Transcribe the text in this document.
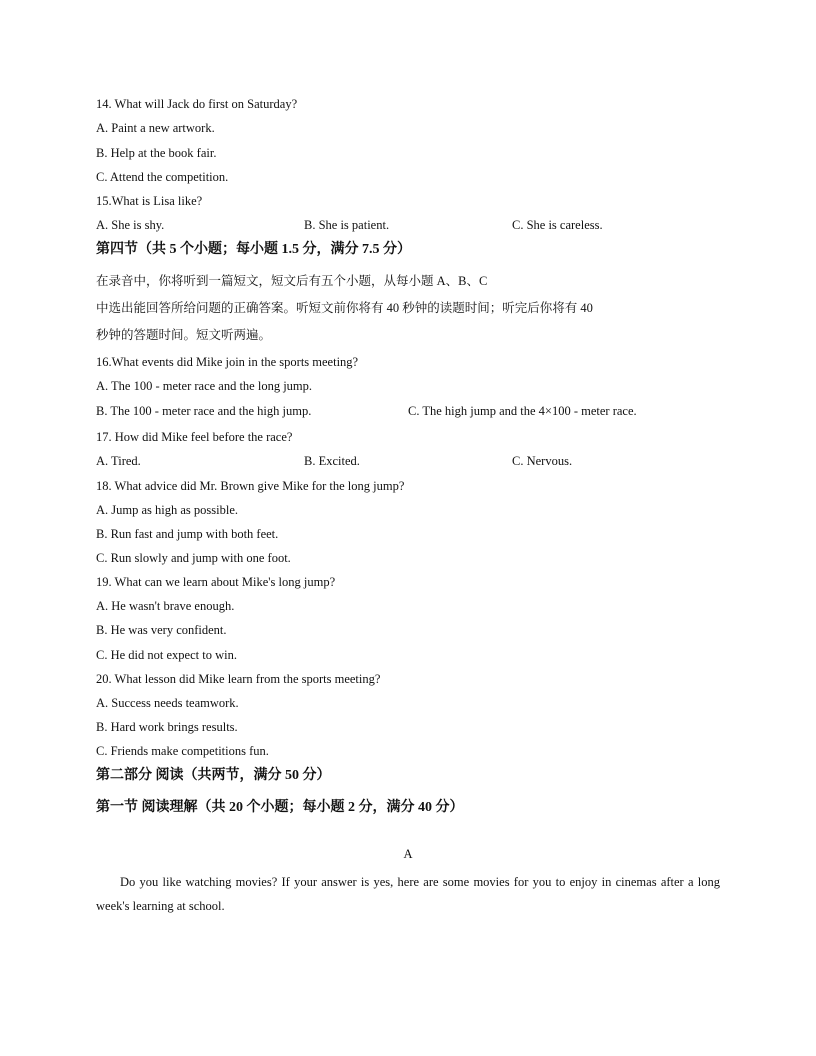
14. What will Jack do first on Saturday?
A. Paint a new artwork.
B. Help at the book fair.
C. Attend the competition.
15.What is Lisa like?
A. She is shy.	B. She is patient.	C. She is careless.
第四节（共 5 个小题；每小题 1.5 分，满分 7.5 分）
在录音中，你将听到一篇短文，短文后有五个小题，从每小题 A、B、C
中选出能回答所给问题的正确答案。听短文前你将有 40 秒钟的读题时间；听完后你将有 40
秒钟的答题时间。短文听两遍。
16.What events did Mike join in the sports meeting?
A. The 100 - meter race and the long jump.
B. The 100 - meter race and the high jump.	C. The high jump and the 4×100 - meter race.
17. How did Mike feel before the race?
A. Tired.	B. Excited.	C. Nervous.
18. What advice did Mr. Brown give Mike for the long jump?
A. Jump as high as possible.
B. Run fast and jump with both feet.
C. Run slowly and jump with one foot.
19. What can we learn about Mike's long jump?
A. He wasn't brave enough.
B. He was very confident.
C. He did not expect to win.
20. What lesson did Mike learn from the sports meeting?
A. Success needs teamwork.
B. Hard work brings results.
C. Friends make competitions fun.
第二部分 阅读（共两节，满分 50 分）
第一节 阅读理解（共 20 个小题；每小题 2 分，满分 40 分）
A
Do you like watching movies? If your answer is yes, here are some movies for you to enjoy in cinemas after a long week's learning at school.
